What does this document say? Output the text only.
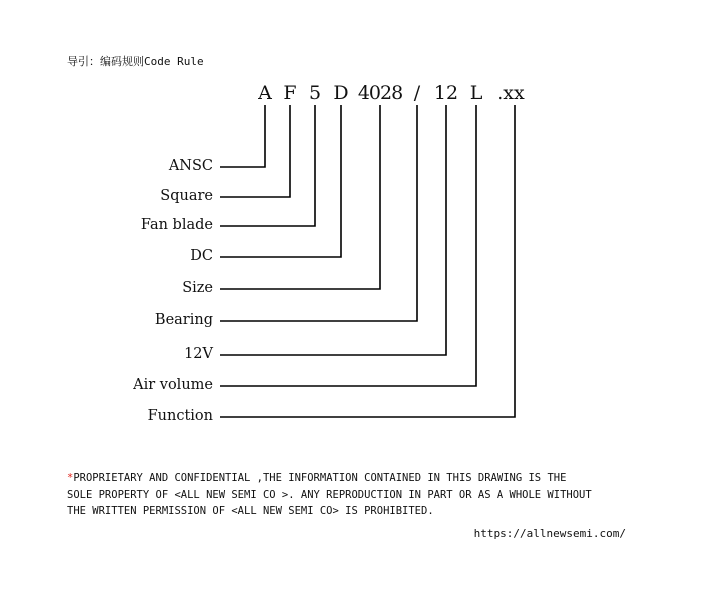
导引：编码规则Code Rule
A F 5 D 4028 / 12 L .xx
ANSC
Square
Fan blade
DC
Size
Bearing
12V
Air volume
Function
*PROPRIETARY AND CONFIDENTIAL ,THE INFORMATION CONTAINED IN THIS DRAWING IS THE
SOLE PROPERTY OF <ALL NEW SEMI CO >. ANY REPRODUCTION IN PART OR AS A WHOLE WITHOUT
THE WRITTEN PERMISSION OF <ALL NEW SEMI CO> IS PROHIBITED.
https://allnewsemi.com/
